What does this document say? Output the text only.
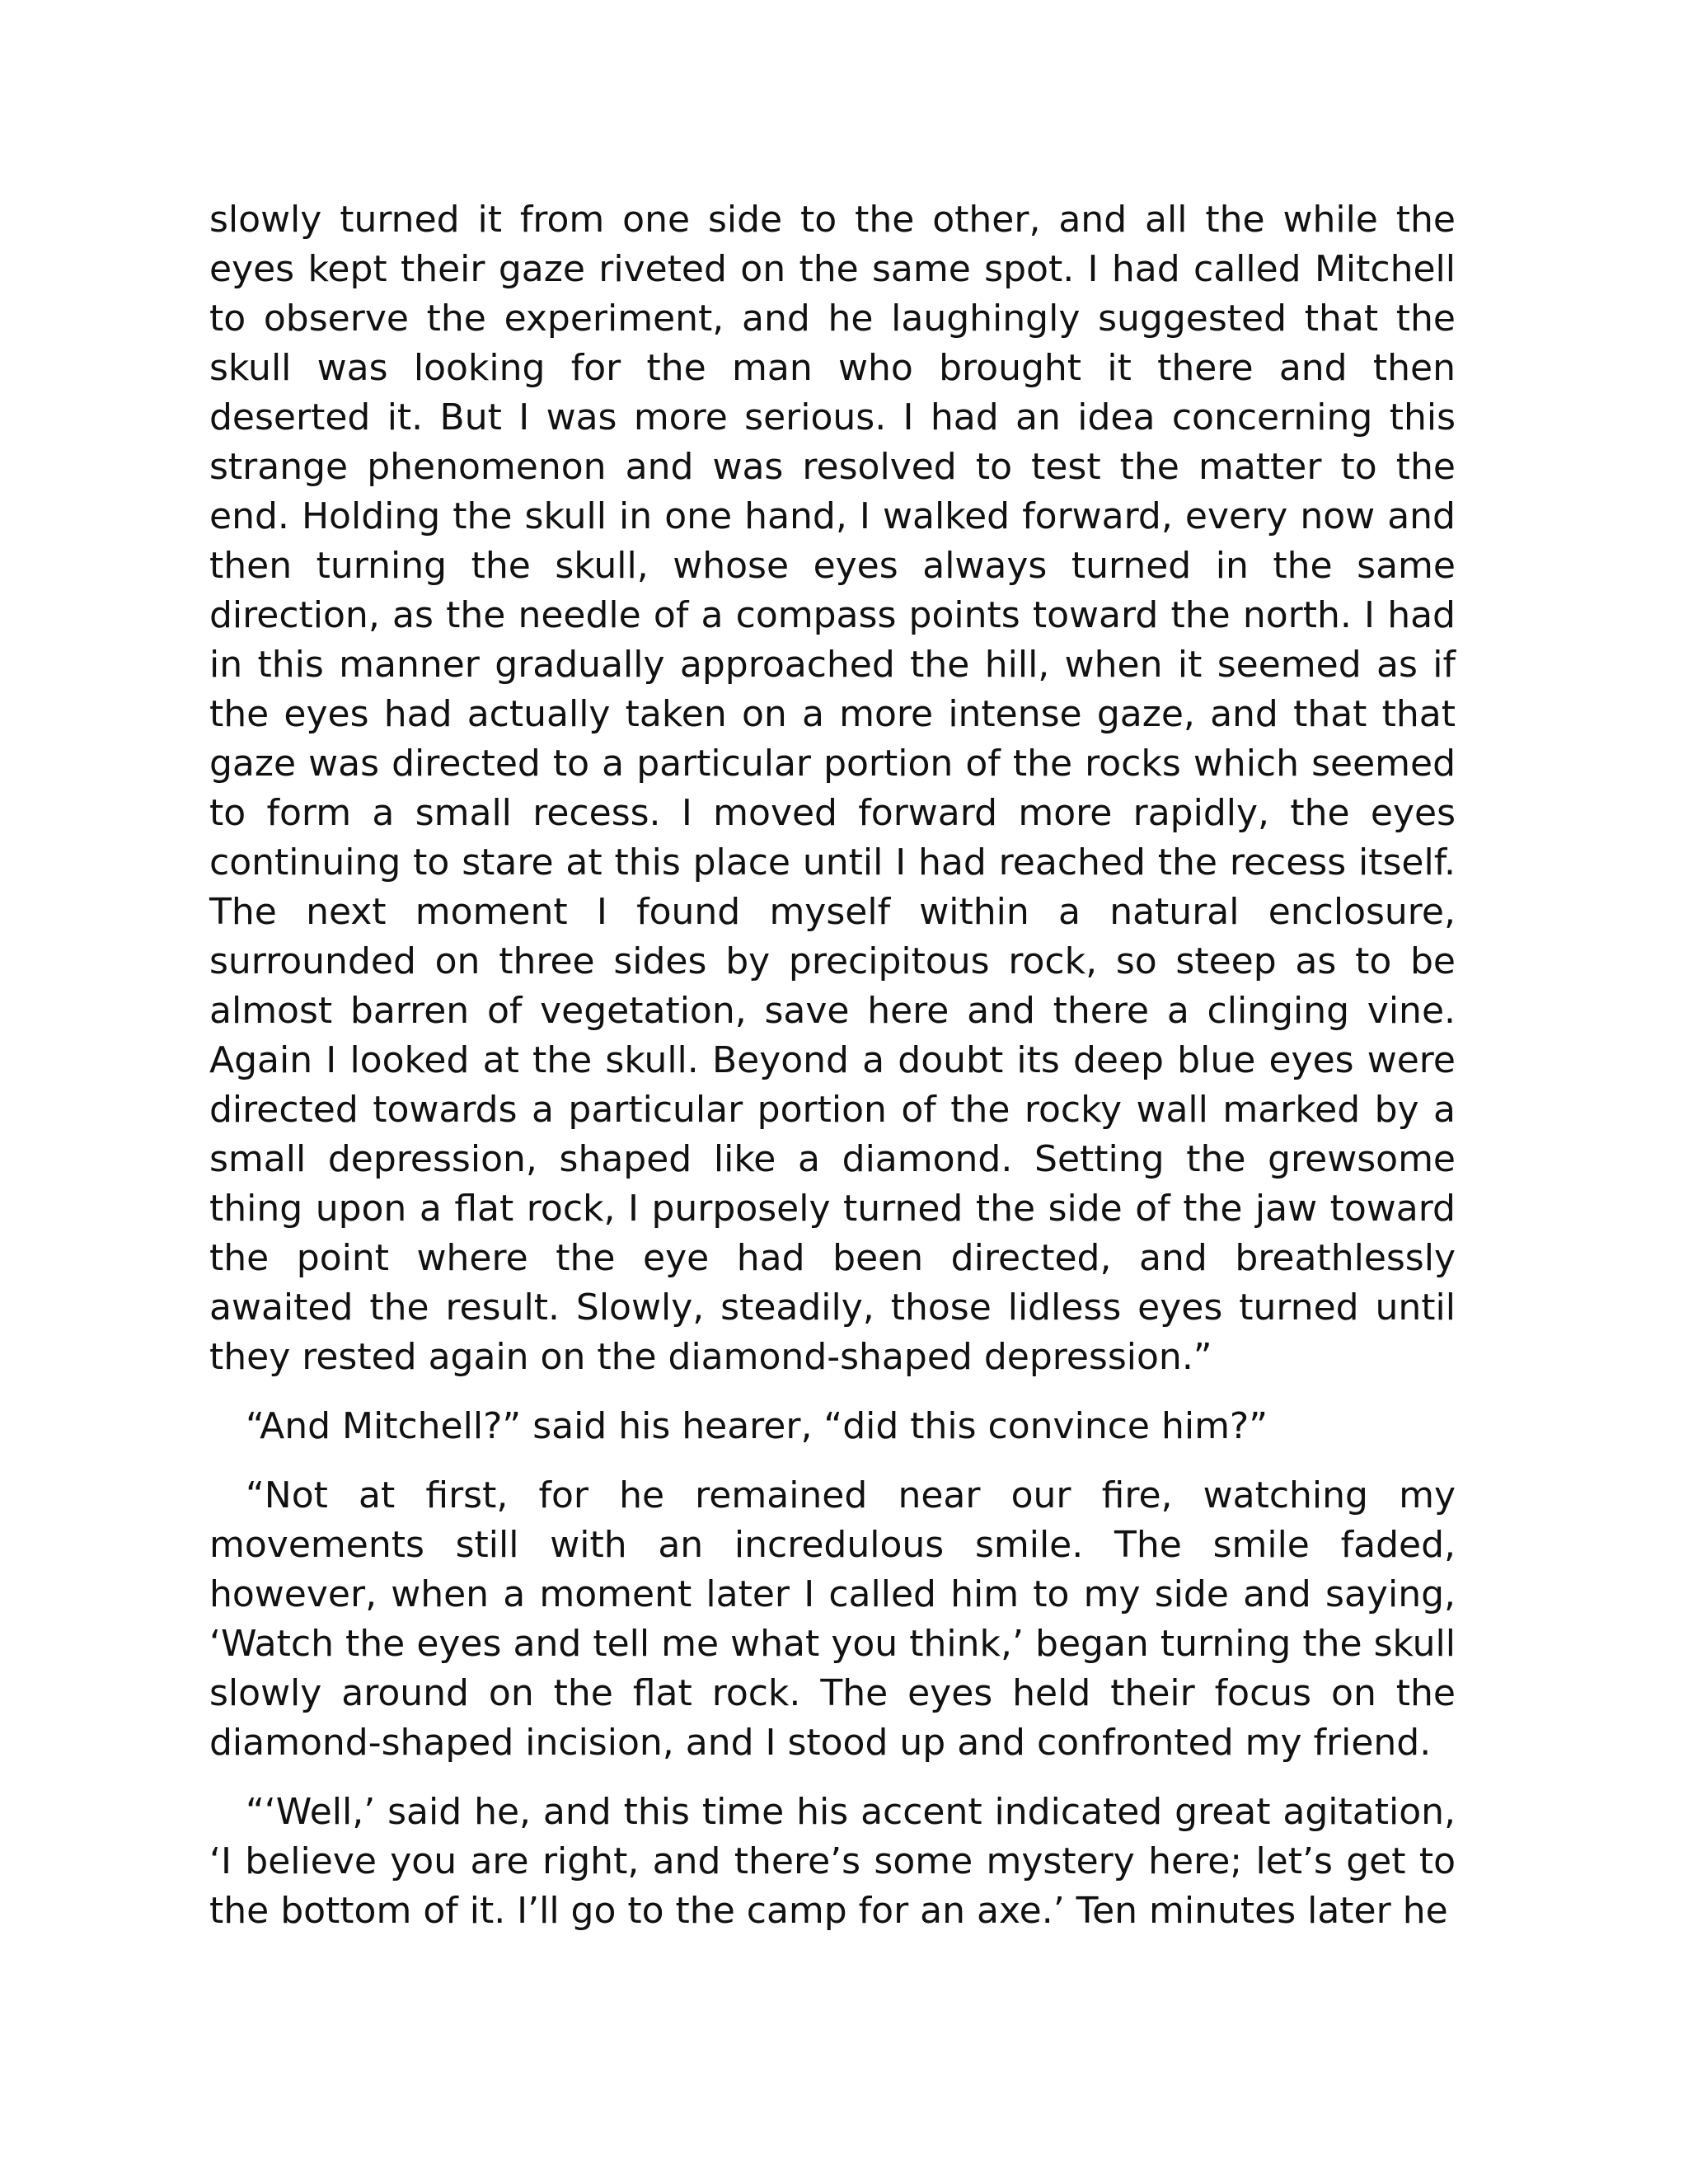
slowly turned it from one side to the other, and all the while the eyes kept their gaze riveted on the same spot. I had called Mitchell to observe the experiment, and he laughingly suggested that the skull was looking for the man who brought it there and then deserted it. But I was more serious. I had an idea concerning this strange phenomenon and was resolved to test the matter to the end. Holding the skull in one hand, I walked forward, every now and then turning the skull, whose eyes always turned in the same direction, as the needle of a compass points toward the north. I had in this manner gradually approached the hill, when it seemed as if the eyes had actually taken on a more intense gaze, and that that gaze was directed to a particular portion of the rocks which seemed to form a small recess. I moved forward more rapidly, the eyes continuing to stare at this place until I had reached the recess itself. The next moment I found myself within a natural enclosure, surrounded on three sides by precipitous rock, so steep as to be almost barren of vegetation, save here and there a clinging vine. Again I looked at the skull. Beyond a doubt its deep blue eyes were directed towards a particular portion of the rocky wall marked by a small depression, shaped like a diamond. Setting the grewsome thing upon a flat rock, I purposely turned the side of the jaw toward the point where the eye had been directed, and breathlessly awaited the result. Slowly, steadily, those lidless eyes turned until they rested again on the diamond-shaped depression.”

“And Mitchell?” said his hearer, “did this convince him?”

“Not at first, for he remained near our fire, watching my movements still with an incredulous smile. The smile faded, however, when a moment later I called him to my side and saying, ‘Watch the eyes and tell me what you think,’ began turning the skull slowly around on the flat rock. The eyes held their focus on the diamond-shaped incision, and I stood up and confronted my friend.

“‘Well,’ said he, and this time his accent indicated great agitation, ‘I believe you are right, and there’s some mystery here; let’s get to the bottom of it. I’ll go to the camp for an axe.’ Ten minutes later he
